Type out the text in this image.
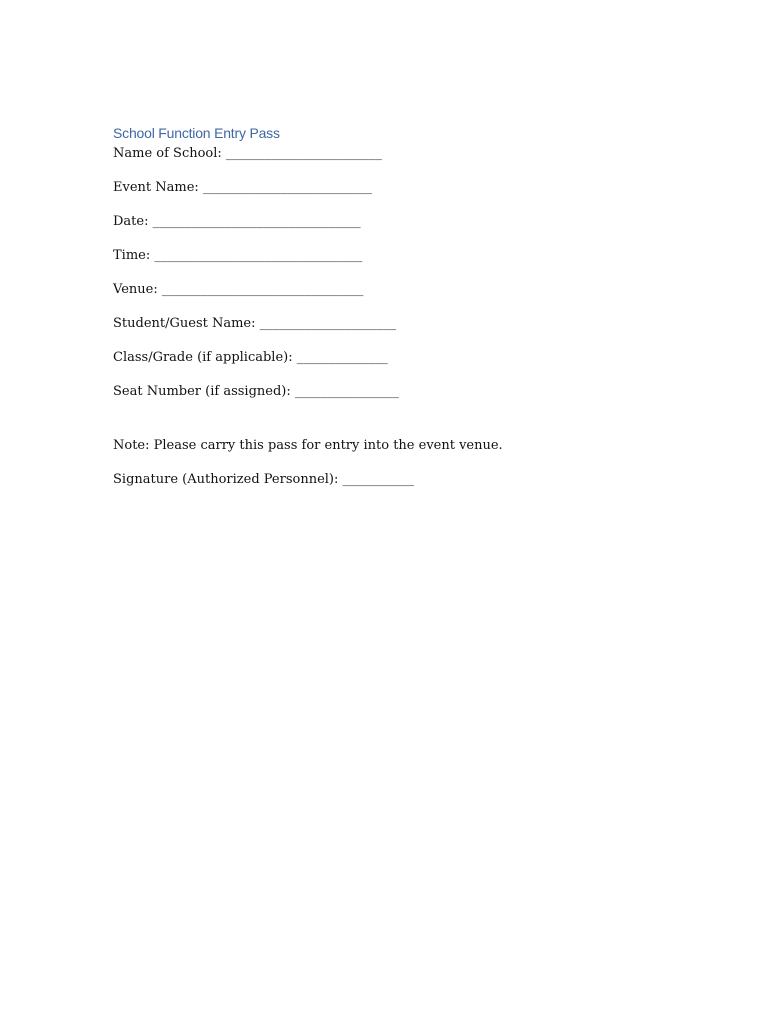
School Function Entry Pass

Name of School: ________________________

Event Name: __________________________

Date: ________________________________

Time: ________________________________

Venue: _______________________________

Student/Guest Name: _____________________

Class/Grade (if applicable): ______________

Seat Number (if assigned): ________________

Note: Please carry this pass for entry into the event venue.

Signature (Authorized Personnel): ___________
